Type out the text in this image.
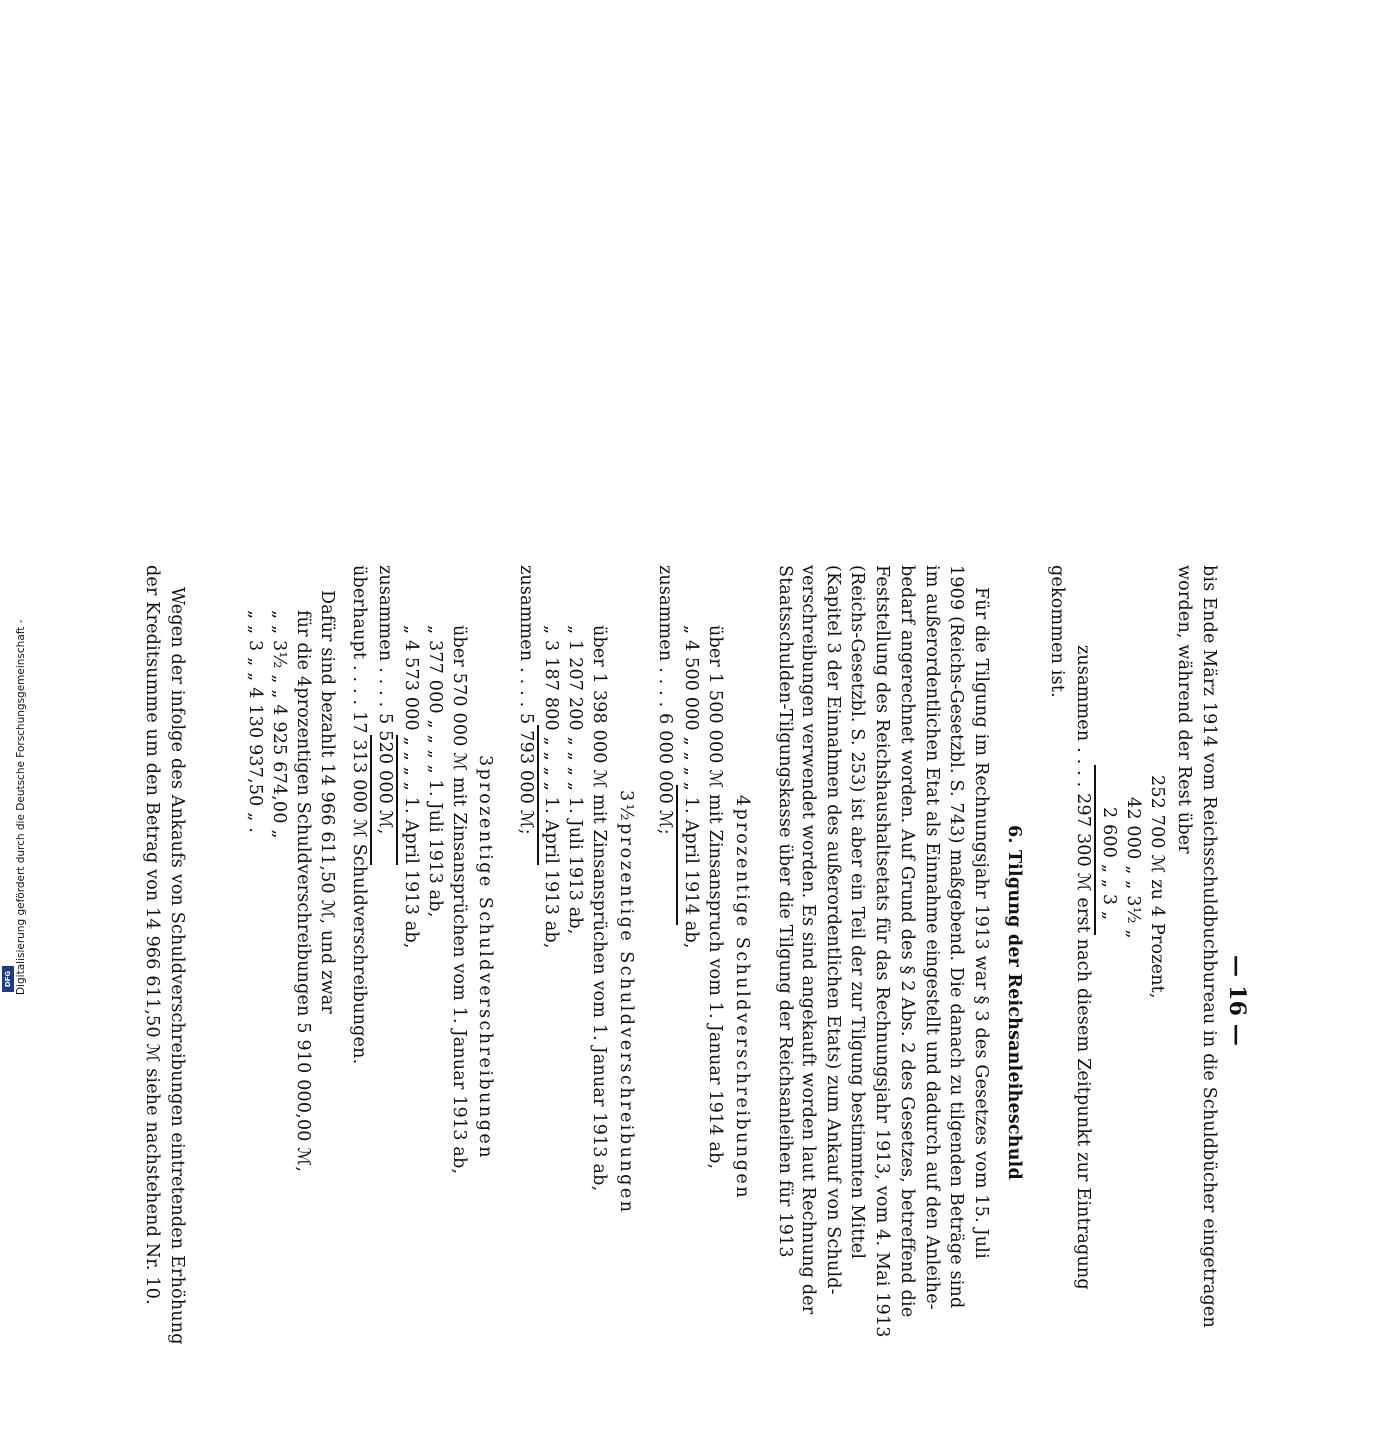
— 16 —
bis Ende März 1914 vom Reichsschuldbuchbureau in die Schuldbücher eingetragen
worden, während der Rest über
252 700 ℳ zu 4 Prozent,
42 000 „ „ 3½ „
2 600 „ „ 3 „
zusammen . . . . 297 300 ℳ erst nach diesem Zeitpunkt zur Eintragung
gekommen ist.
6. Tilgung der Reichsanleiheschuld
Für die Tilgung im Rechnungsjahr 1913 war § 3 des Gesetzes vom 15. Juli
1909 (Reichs-Gesetzbl. S. 743) maßgebend. Die danach zu tilgenden Beträge sind
im außerordentlichen Etat als Einnahme eingestellt und dadurch auf den Anleihe-
bedarf angerechnet worden. Auf Grund des § 2 Abs. 2 des Gesetzes, betreffend die
Feststellung des Reichshaushaltsetats für das Rechnungsjahr 1913, vom 4. Mai 1913
(Reichs-Gesetzbl. S. 253) ist aber ein Teil der zur Tilgung bestimmten Mittel
(Kapitel 3 der Einnahmen des außerordentlichen Etats) zum Ankauf von Schuld-
verschreibungen verwendet worden. Es sind angekauft worden laut Rechnung der
Staatsschulden-Tilgungskasse über die Tilgung der Reichsanleihen für 1913
4prozentige Schuldverschreibungen
über 1 500 000 ℳ mit Zinsanspruch vom 1. Januar 1914 ab,
„ 4 500 000 „ „ „ „ 1. April 1914 ab,
zusammen . . . . 6 000 000 ℳ;
3½prozentige Schuldverschreibungen
über 1 398 000 ℳ mit Zinsansprüchen vom 1. Januar 1913 ab,
„ 1 207 200 „ „ „ „ 1. Juli 1913 ab,
„ 3 187 800 „ „ „ „ 1. April 1913 ab,
zusammen . . . . 5 793 000 ℳ;
3prozentige Schuldverschreibungen
über 570 000 ℳ mit Zinsansprüchen vom 1. Januar 1913 ab,
„ 377 000 „ „ „ „ 1. Juli 1913 ab,
„ 4 573 000 „ „ „ „ 1. April 1913 ab,
zusammen . . . . 5 520 000 ℳ,
überhaupt . . . . 17 313 000 ℳ Schuldverschreibungen.
Dafür sind bezahlt 14 966 611,50 ℳ, und zwar
für die 4prozentigen Schuldverschreibungen 5 910 000,00 ℳ,
„ „ 3½ „ „ 4 925 674,00 „
„ „ 3 „ „ 4 130 937,50 „ .
Wegen der infolge des Ankaufs von Schuldverschreibungen eintretenden Erhöhung
der Kreditsumme um den Betrag von 14 966 611,50 ℳ siehe nachstehend Nr. 10.
Digitalisierung gefördert durch die Deutsche Forschungsgemeinschaft -
DFG
